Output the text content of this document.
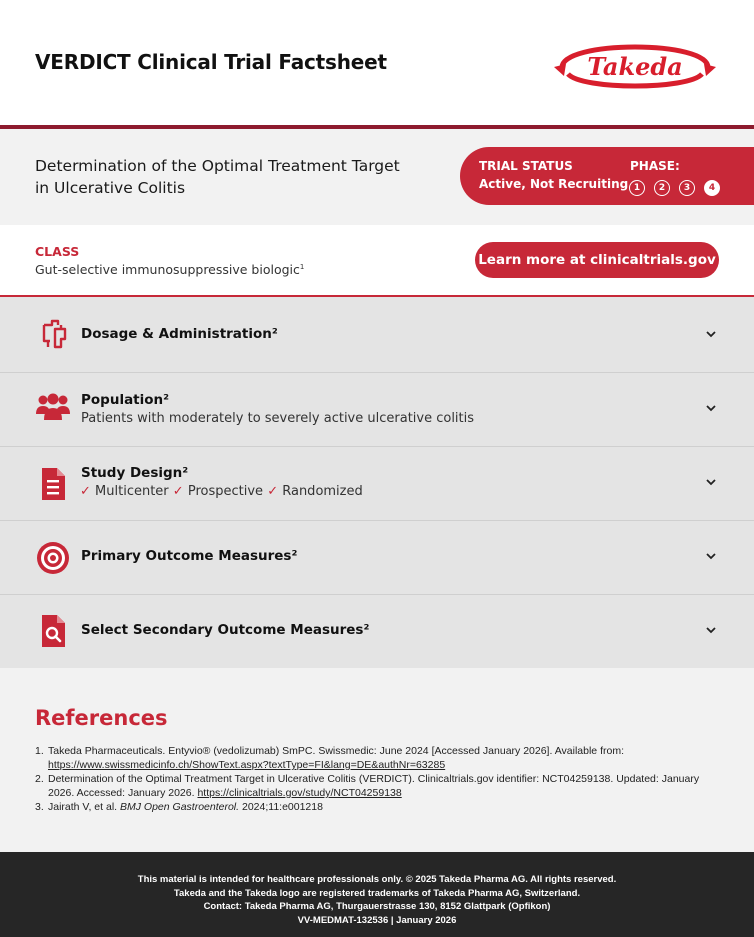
VERDICT Clinical Trial Factsheet	Takeda
Determination of the Optimal Treatment Target
in Ulcerative Colitis
TRIAL STATUS
Active, Not Recruiting
PHASE:
1	2	3	4
CLASS
Gut-selective immunosuppressive biologic$^1$	Learn more at clinicaltrials.gov
Dosage & Administration²
Population²
Patients with moderately to severely active ulcerative colitis
Study Design²
✓ Multicenter ✓ Prospective ✓ Randomized
Primary Outcome Measures²
Select Secondary Outcome Measures²
References
1. Takeda Pharmaceuticals. Entyvio® (vedolizumab) SmPC. Swissmedic: June 2024 [Accessed January 2026]. Available from:
https://www.swissmedicinfo.ch/ShowText.aspx?textType=FI&lang=DE&authNr=63285
2. Determination of the Optimal Treatment Target in Ulcerative Colitis (VERDICT). Clinicaltrials.gov identifier: NCT04259138. Updated: January 2026. Accessed: January 2026. https://clinicaltrials.gov/study/NCT04259138
3. Jairath V, et al. BMJ Open Gastroenterol. 2024;11:e001218
This material is intended for healthcare professionals only. © 2025 Takeda Pharma AG. All rights reserved.
Takeda and the Takeda logo are registered trademarks of Takeda Pharma AG, Switzerland.
Contact: Takeda Pharma AG, Thurgauerstrasse 130, 8152 Glattpark (Opfikon)
VV-MEDMAT-132536 | January 2026
